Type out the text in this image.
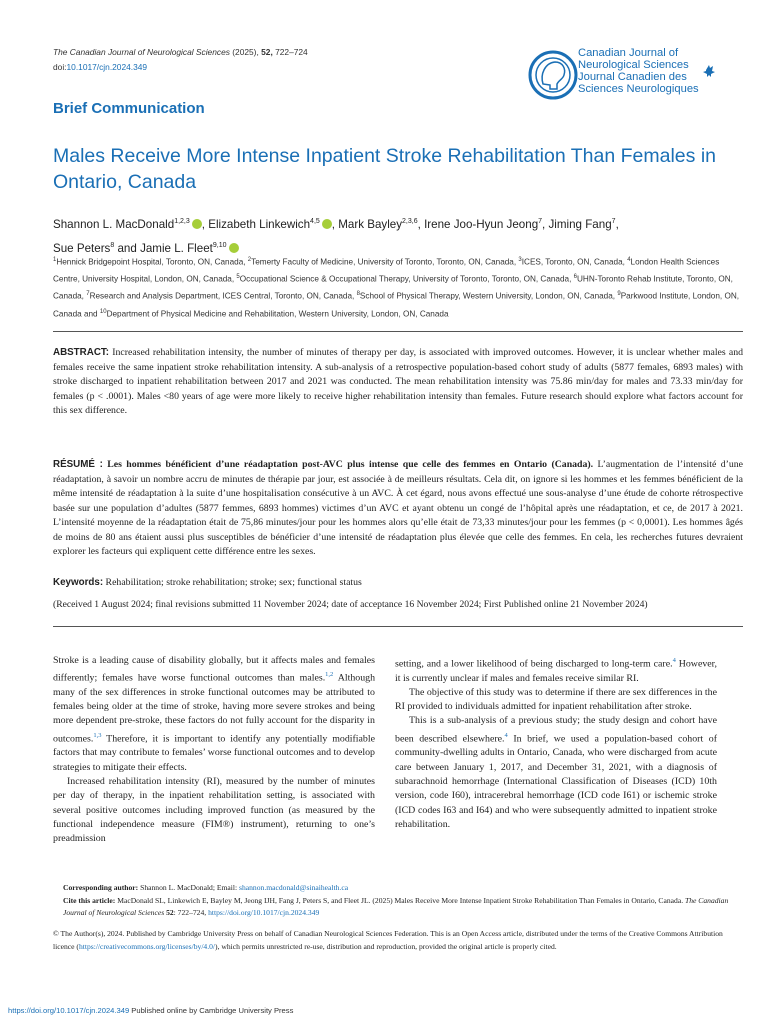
The Canadian Journal of Neurological Sciences (2025), 52, 722–724
doi:10.1017/cjn.2024.349
Canadian Journal of
Neurological Sciences
Journal Canadien des
Sciences Neurologiques
Brief Communication
Males Receive More Intense Inpatient Stroke Rehabilitation Than Females in Ontario, Canada
Shannon L. MacDonald$^{1,2,3}$ , Elizabeth Linkewich$^{4,5}$ , Mark Bayley$^{2,3,6}$, Irene Joo-Hyun Jeong$^7$, Jiming Fang$^7$,
Sue Peters$^8$ and Jamie L. Fleet$^{9,10}$
$^1$Hennick Bridgepoint Hospital, Toronto, ON, Canada, $^2$Temerty Faculty of Medicine, University of Toronto, Toronto, ON, Canada, $^3$ICES, Toronto, ON, Canada, $^4$London Health Sciences Centre, University Hospital, London, ON, Canada, $^5$Occupational Science & Occupational Therapy, University of Toronto, Toronto, ON, Canada, $^6$UHN-Toronto Rehab Institute, Toronto, ON, Canada, $^7$Research and Analysis Department, ICES Central, Toronto, ON, Canada, $^8$School of Physical Therapy, Western University, London, ON, Canada, $^9$Parkwood Institute, London, ON, Canada and $^{10}$Department of Physical Medicine and Rehabilitation, Western University, London, ON, Canada
ABSTRACT: Increased rehabilitation intensity, the number of minutes of therapy per day, is associated with improved outcomes. However, it is unclear whether males and females receive the same inpatient stroke rehabilitation intensity. A sub-analysis of a retrospective population-based cohort study of adults (5877 females, 6893 males) with stroke discharged to inpatient rehabilitation between 2017 and 2021 was conducted. The mean rehabilitation intensity was 75.86 min/day for males and 73.33 min/day for females (p < .0001). Males <80 years of age were more likely to receive higher rehabilitation intensity than females. Future research should explore what factors account for this sex difference.
RÉSUMÉ : Les hommes bénéficient d’une réadaptation post-AVC plus intense que celle des femmes en Ontario (Canada). L’augmentation de l’intensité d’une réadaptation, à savoir un nombre accru de minutes de thérapie par jour, est associée à de meilleurs résultats. Cela dit, on ignore si les hommes et les femmes bénéficient de la même intensité de réadaptation à la suite d’une hospitalisation consécutive à un AVC. À cet égard, nous avons effectué une sous-analyse d’une étude de cohorte rétrospective basée sur une population d’adultes (5877 femmes, 6893 hommes) victimes d’un AVC et ayant obtenu un congé de l’hôpital après une réadaptation, et ce, de 2017 à 2021. L’intensité moyenne de la réadaptation était de 75,86 minutes/jour pour les hommes alors qu’elle était de 73,33 minutes/jour pour les femmes (p < 0,0001). Les hommes âgés de moins de 80 ans étaient aussi plus susceptibles de bénéficier d’une intensité de réadaptation plus élevée que celle des femmes. En cela, les recherches futures devraient explorer les facteurs qui expliquent cette différence entre les sexes.
Keywords: Rehabilitation; stroke rehabilitation; stroke; sex; functional status
(Received 1 August 2024; final revisions submitted 11 November 2024; date of acceptance 16 November 2024; First Published online 21 November 2024)

Stroke is a leading cause of disability globally, but it affects males and females differently; females have worse functional outcomes than males.$^{1,2}$ Although many of the sex differences in stroke functional outcomes may be attributed to females being older at the time of stroke, having more severe strokes and being more dependent pre-stroke, these factors do not fully account for the disparity in outcomes.$^{1,3}$ Therefore, it is important to identify any potentially modifiable factors that may contribute to females’ worse functional outcomes and to develop strategies to mitigate their effects.

Increased rehabilitation intensity (RI), measured by the number of minutes per day of therapy, in the inpatient rehabilitation setting, is associated with several positive outcomes including improved function (as measured by the functional independence measure (FIM®) instrument), returning to one’s preadmission

setting, and a lower likelihood of being discharged to long-term care.$^4$ However, it is currently unclear if males and females receive similar RI.

The objective of this study was to determine if there are sex differences in the RI provided to individuals admitted for inpatient rehabilitation after stroke.

This is a sub-analysis of a previous study; the study design and cohort have been described elsewhere.$^4$ In brief, we used a population-based cohort of community-dwelling adults in Ontario, Canada, who were discharged from acute care between January 1, 2017, and December 31, 2021, with a diagnosis of subarachnoid hemorrhage (International Classification of Diseases (ICD) 10th version, code I60), intracerebral hemorrhage (ICD code I61) or ischemic stroke (ICD codes I63 and I64) and who were subsequently admitted to inpatient stroke rehabilitation.

Corresponding author: Shannon L. MacDonald; Email: shannon.macdonald@sinaihealth.ca
Cite this article: MacDonald SL, Linkewich E, Bayley M, Jeong IJH, Fang J, Peters S, and Fleet JL. (2025) Males Receive More Intense Inpatient Stroke Rehabilitation Than Females in Ontario, Canada. The Canadian Journal of Neurological Sciences 52: 722–724, https://doi.org/10.1017/cjn.2024.349
© The Author(s), 2024. Published by Cambridge University Press on behalf of Canadian Neurological Sciences Federation. This is an Open Access article, distributed under the terms of the Creative Commons Attribution licence (https://creativecommons.org/licenses/by/4.0/), which permits unrestricted re-use, distribution and reproduction, provided the original article is properly cited.
https://doi.org/10.1017/cjn.2024.349 Published online by Cambridge University Press
